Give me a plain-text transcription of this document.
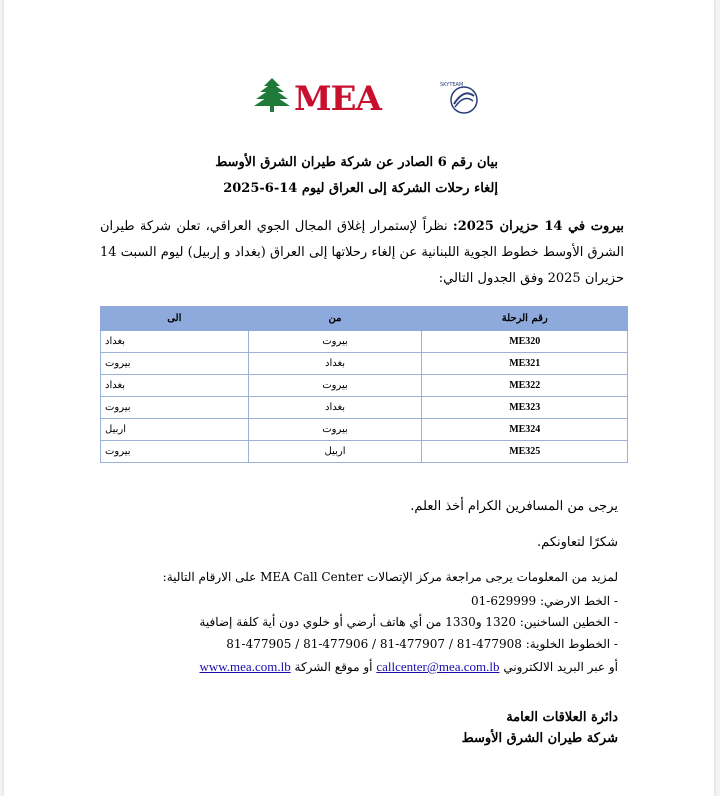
MEA	SKYTEAM
بيان رقم 6 الصادر عن شركة طيران الشرق الأوسط
إلغاء رحلات الشركة إلى العراق ليوم 14-6-2025
بيروت في 14 حزيران 2025: نظراً لإستمرار إغلاق المجال الجوي العراقي، تعلن شركة طيران الشرق الأوسط خطوط الجوية اللبنانية عن إلغاء رحلاتها إلى العراق (بغداد و إربيل) ليوم السبت 14 حزيران 2025 وفق الجدول التالي:
رقم الرحلة	من	الى
ME320	بيروت	بغداد
ME321	بغداد	بيروت
ME322	بيروت	بغداد
ME323	بغداد	بيروت
ME324	بيروت	اربيل
ME325	اربيل	بيروت
يرجى من المسافرين الكرام أخذ العلم.
شكرًا لتعاونكم.
لمزيد من المعلومات يرجى مراجعة مركز الإتصالات MEA Call Center على الارقام التالية:
- الخط الارضي: 629999-01
- الخطين الساخنين: 1320 و1330 من أي هاتف أرضي أو خلوي دون أية كلفة إضافية
- الخطوط الخلوية: 477908-81 / 477907-81 / 477906-81 / 477905-81
أو عبر البريد الالكتروني callcenter@mea.com.lb أو موقع الشركة www.mea.com.lb
دائرة العلاقات العامة
شركة طيران الشرق الأوسط
